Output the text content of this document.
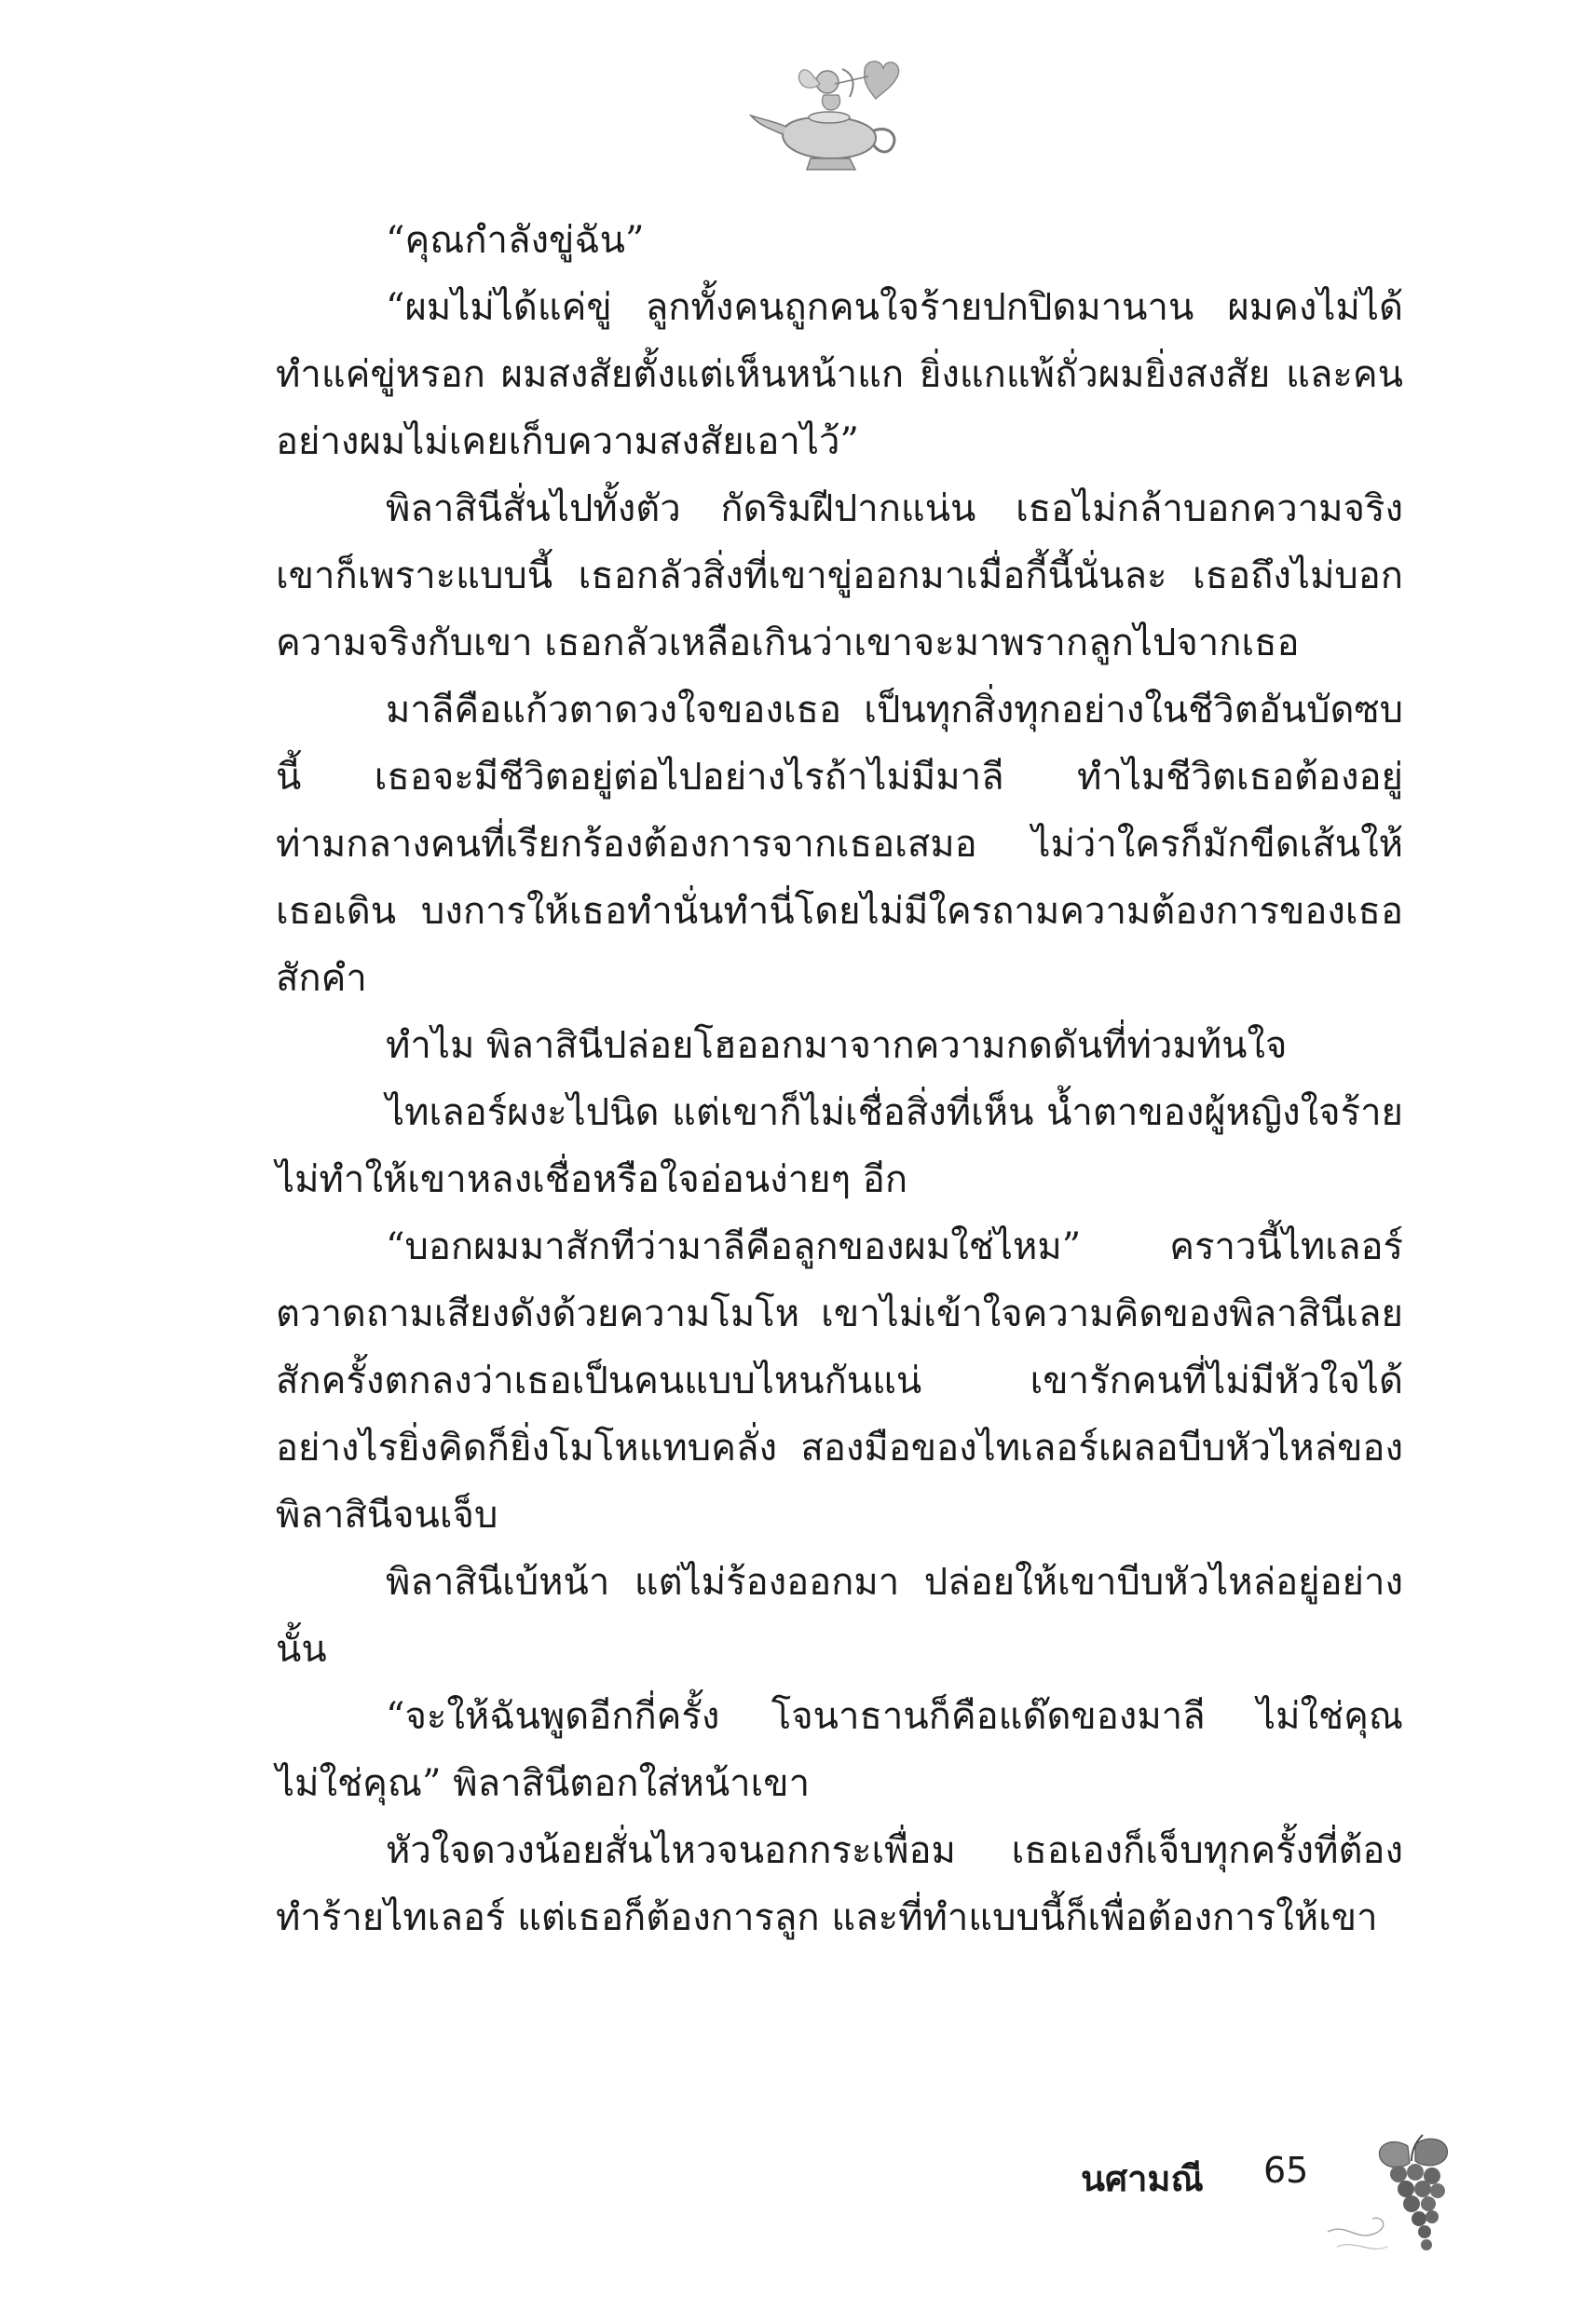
“คุณกำลังขู่ฉัน”

“ผมไม่ได้แค่ขู่ ลูกทั้งคนถูกคนใจร้ายปกปิดมานาน ผมคงไม่ได้ทำแค่ขู่หรอก ผมสงสัยตั้งแต่เห็นหน้าแก ยิ่งแกแพ้ถั่วผมยิ่งสงสัย และคนอย่างผมไม่เคยเก็บความสงสัยเอาไว้”

พิลาสินีสั่นไปทั้งตัว กัดริมฝีปากแน่น เธอไม่กล้าบอกความจริงเขาก็เพราะแบบนี้ เธอกลัวสิ่งที่เขาขู่ออกมาเมื่อกี้นี้นั่นละ เธอถึงไม่บอกความจริงกับเขา เธอกลัวเหลือเกินว่าเขาจะมาพรากลูกไปจากเธอ

มาลีคือแก้วตาดวงใจของเธอ เป็นทุกสิ่งทุกอย่างในชีวิตอันบัดซบนี้ เธอจะมีชีวิตอยู่ต่อไปอย่างไรถ้าไม่มีมาลี ทำไมชีวิตเธอต้องอยู่ท่ามกลางคนที่เรียกร้องต้องการจากเธอเสมอ ไม่ว่าใครก็มักขีดเส้นให้เธอเดิน บงการให้เธอทำนั่นทำนี่โดยไม่มีใครถามความต้องการของเธอสักคำ

ทำไม พิลาสินีปล่อยโฮออกมาจากความกดดันที่ท่วมท้นใจ

ไทเลอร์ผงะไปนิด แต่เขาก็ไม่เชื่อสิ่งที่เห็น น้ำตาของผู้หญิงใจร้ายไม่ทำให้เขาหลงเชื่อหรือใจอ่อนง่ายๆ อีก

“บอกผมมาสักทีว่ามาลีคือลูกของผมใช่ไหม” คราวนี้ไทเลอร์ตวาดถามเสียงดังด้วยความโมโห เขาไม่เข้าใจความคิดของพิลาสินีเลยสักครั้งตกลงว่าเธอเป็นคนแบบไหนกันแน่ เขารักคนที่ไม่มีหัวใจได้อย่างไรยิ่งคิดก็ยิ่งโมโหแทบคลั่ง สองมือของไทเลอร์เผลอบีบหัวไหล่ของพิลาสินีจนเจ็บ

พิลาสินีเบ้หน้า แต่ไม่ร้องออกมา ปล่อยให้เขาบีบหัวไหล่อยู่อย่างนั้น

“จะให้ฉันพูดอีกกี่ครั้ง โจนาธานก็คือแด๊ดของมาลี ไม่ใช่คุณไม่ใช่คุณ” พิลาสินีตอกใส่หน้าเขา

หัวใจดวงน้อยสั่นไหวจนอกกระเพื่อม เธอเองก็เจ็บทุกครั้งที่ต้องทำร้ายไทเลอร์ แต่เธอก็ต้องการลูก และที่ทำแบบนี้ก็เพื่อต้องการให้เขา

นศามณี 65
